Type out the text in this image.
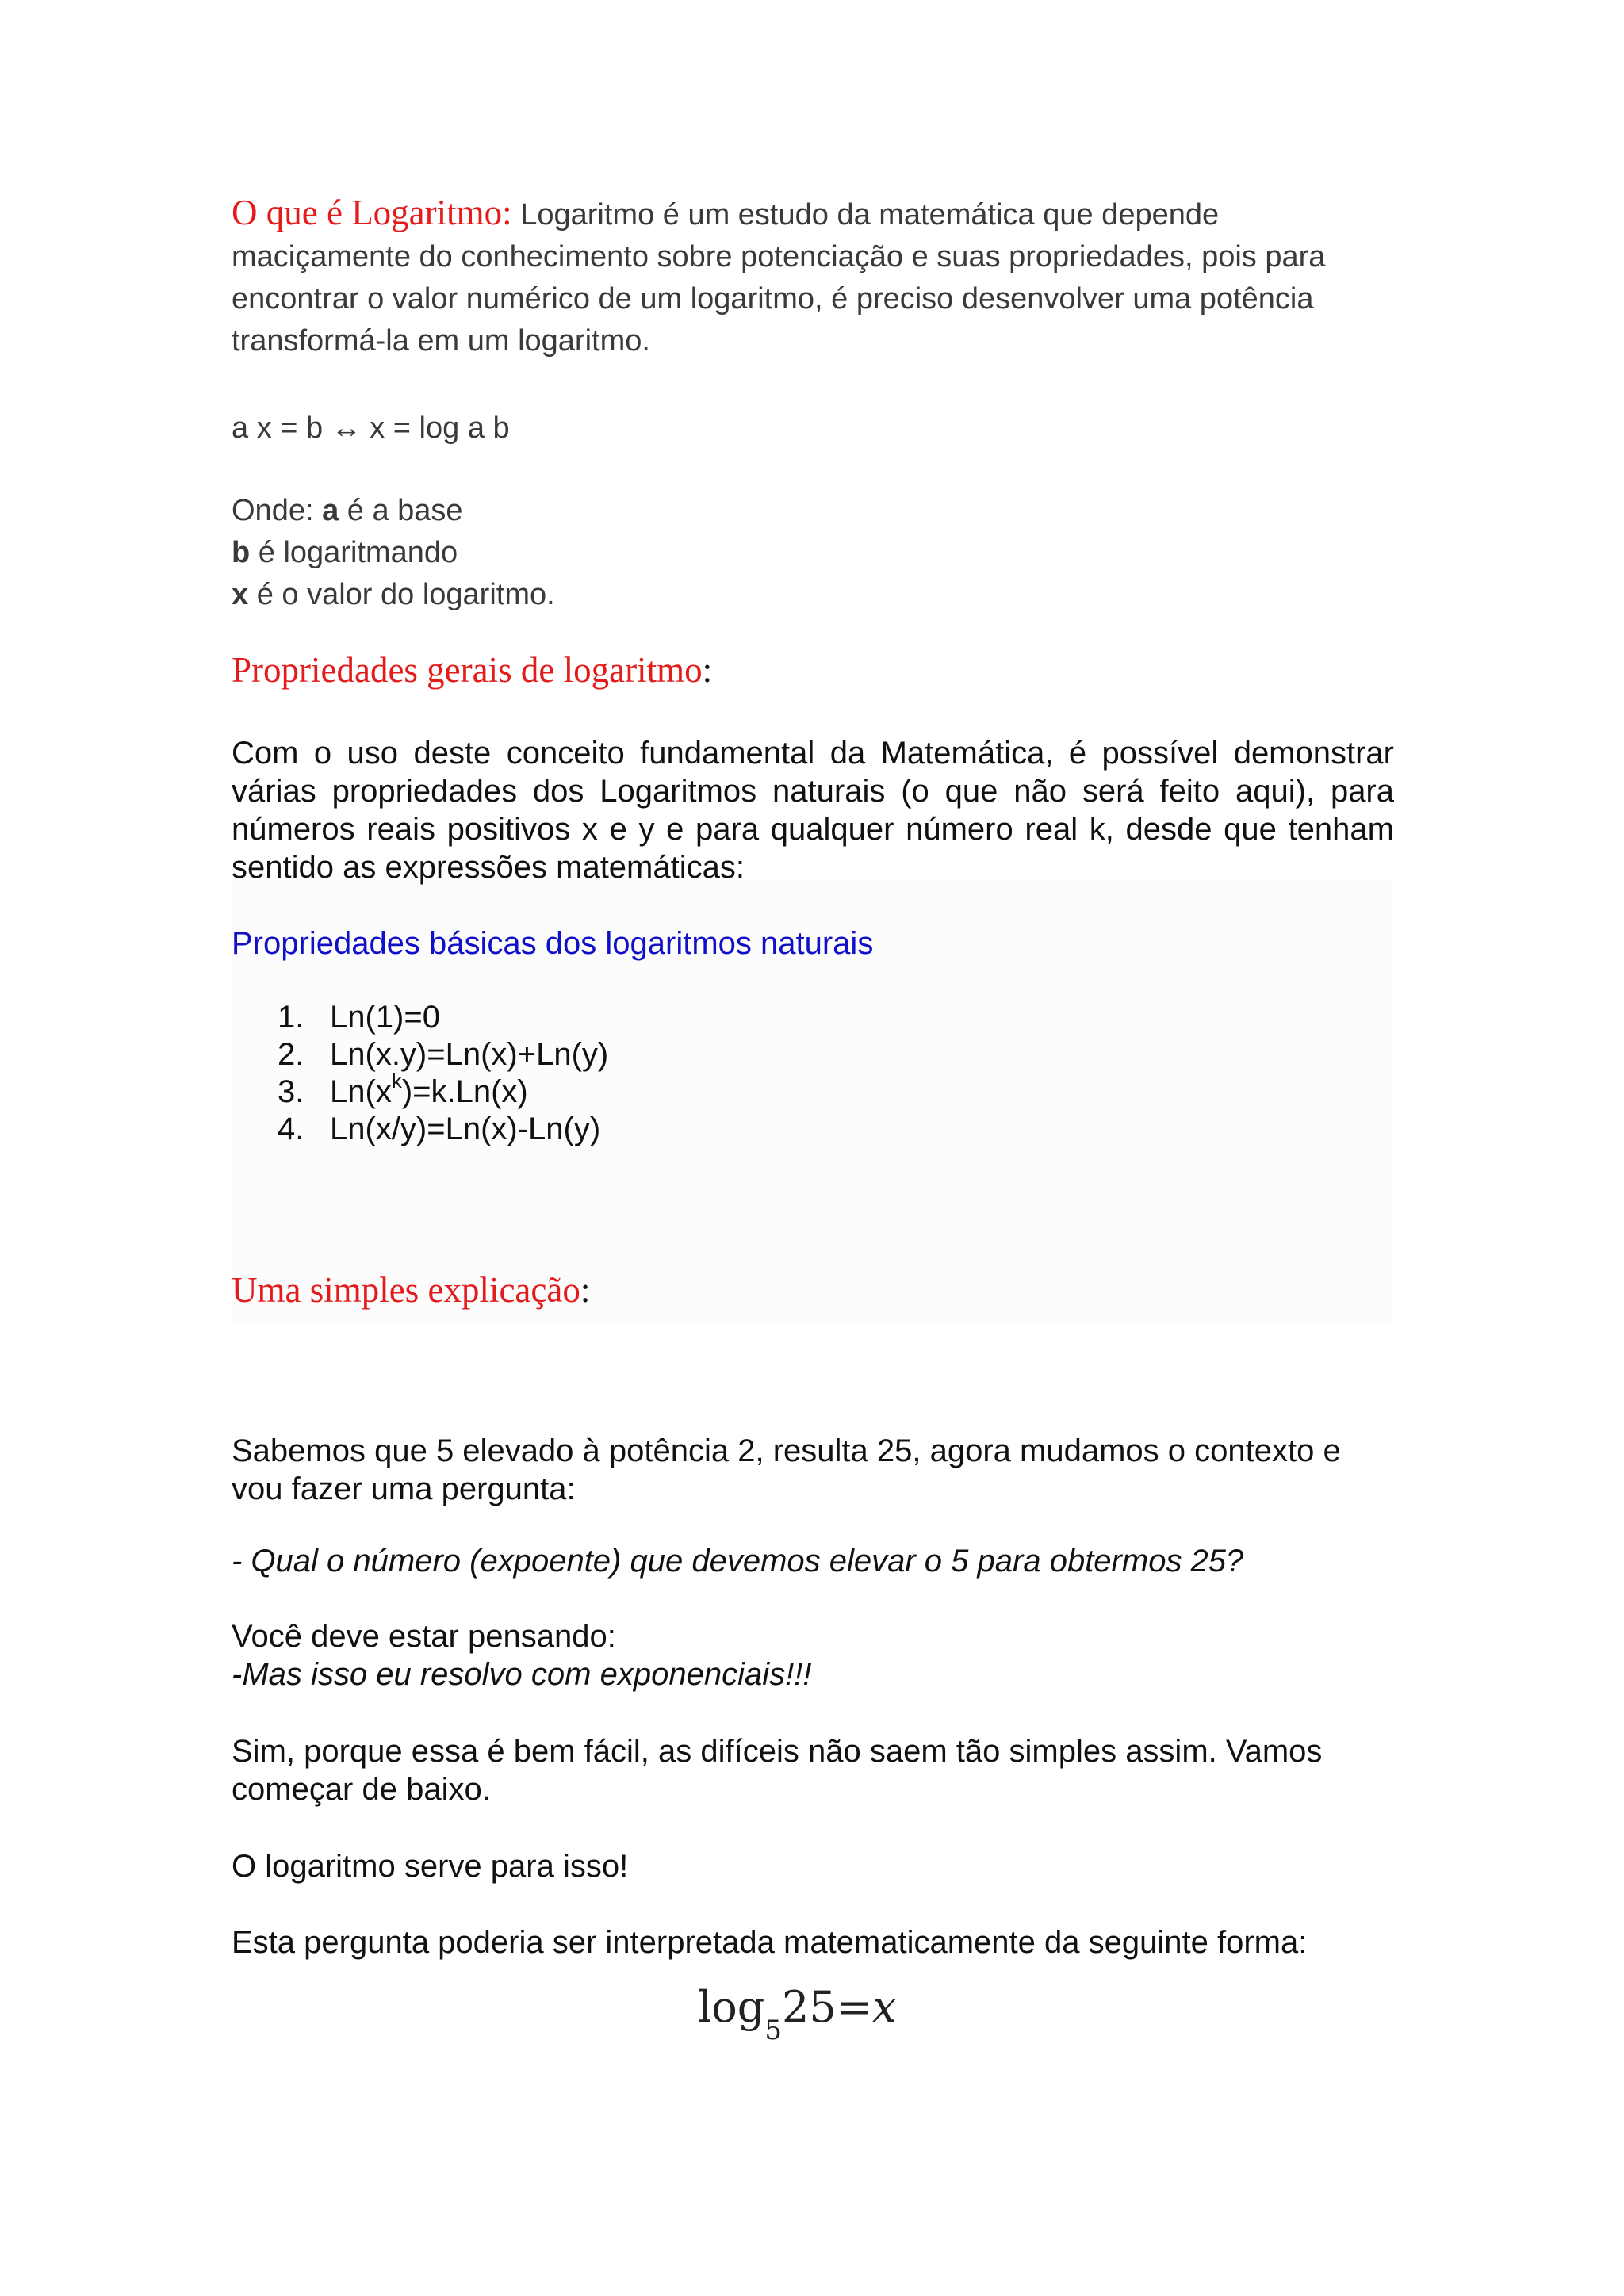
O que é Logaritmo: Logaritmo é um estudo da matemática que depende maciçamente do conhecimento sobre potenciação e suas propriedades, pois para encontrar o valor numérico de um logaritmo, é preciso desenvolver uma potência transformá-la em um logaritmo.
a x = b ↔ x = log a b
Onde: a é a base
b é logaritmando
x é o valor do logaritmo.
Propriedades gerais de logaritmo:
Com o uso deste conceito fundamental da Matemática, é possível demonstrar várias propriedades dos Logaritmos naturais (o que não será feito aqui), para números reais positivos x e y e para qualquer número real k, desde que tenham sentido as expressões matemáticas:
Propriedades básicas dos logaritmos naturais
1. Ln(1)=0
2. Ln(x.y)=Ln(x)+Ln(y)
3. $Ln(x^k)=k.Ln(x)$
4. Ln(x/y)=Ln(x)-Ln(y)
Uma simples explicação:
Sabemos que 5 elevado à potência 2, resulta 25, agora mudamos o contexto e vou fazer uma pergunta:
- Qual o número (expoente) que devemos elevar o 5 para obtermos 25?
Você deve estar pensando:
-Mas isso eu resolvo com exponenciais!!!
Sim, porque essa é bem fácil, as difíceis não saem tão simples assim. Vamos começar de baixo.
O logaritmo serve para isso!
Esta pergunta poderia ser interpretada matematicamente da seguinte forma:
$\log_525=x$
